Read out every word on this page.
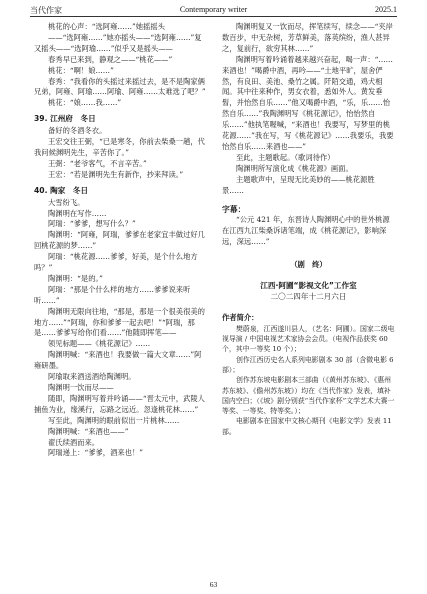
当代作家	Contemporary writer	2025.1

桃花的心声：“选阿雍……”她摇摇头

——“选阿雍……”她亦摇头——“选阿雍……”复又摇头——“选阿瑜……”似乎又是摇头——

春秀早已来到，静观之——“桃花——”

桃花：“啊！娘……”

春秀：“我看你的头摇过来摇过去，是不是陶家俩兄弟，阿雍、阿瑜……阿瑜、阿雍……太难选了吧？”

桃花：“娘……我……”

39. 江州府　冬日

备好的冬酒冬衣。

王宏交往王弼，“已是寒冬，你前去柴桑一趟，代我问候渊明先生，辛苦你了。”

王弼：“老爷客气，不言辛苦。”

王宏：“若是渊明先生有新作，抄来拜读。”

40. 陶家　冬日

大雪纷飞。

陶渊明在写作……

阿瑞：“爹爹，想写什么？”

陶渊明：“阿雍，阿瑞，爹爹在老家宜丰做过好几回桃花源的梦……”

阿瑞：“桃花源……爹爹，好美，是个什么地方吗？”

陶渊明：“是的。”

阿瑞：“那是个什么样的地方……爹爹说来听听……”

陶渊明无限向往地，“那是，那是一个很美很美的地方……”“阿瑞，你和爹爹一起去吧！”“阿瑞，那是……爹爹写给你们看……”他随即挥笔——

领见标题——《桃花源记》……

陶渊明喊：“来酒也！我要做一篇大文章……”阿雍研墨。

阿瑜取来酒送酒给陶渊明。

陶渊明一饮而尽——

随即，陶渊明写着并吟诵——“晋太元中，武陵人捕鱼为业，缘溪行，忘路之远近。忽逢桃花林……”

写至此，陶渊明的眼前似出一片桃林……

陶渊明喊：“来酒也——”

翟氏续酒而来。

阿瑞递上：“爹爹，酒来也！”

陶渊明复又一饮而尽，挥笔续写，续念——“夹岸数百步，中无杂树，芳草鲜美，落英缤纷，渔人甚异之，复前行，欲穷其林……”

陶渊明写着吟诵着越来越兴奋起，喝一声：“……来酒也！”喝爵中酒，再吟——“土地平旷，屋舍俨然，有良田、美池、桑竹之属。阡陌交通，鸡犬相闻。其中往来种作，男女衣着，悉如外人。黄发垂髫，并怡然自乐……”他又喝爵中酒，“乐，乐……怡然自乐……”我陶渊明写《桃花源记》，怡怡然自乐……”他执笔喔喊，“来酒也！我要写，写梦里的桃花源……”我在写，写《桃花源记》……我要乐，我要怡然自乐……来酒也——”

至此，主题歌起。（歌词待作）

陶渊明所写演化成《桃花源》画面。

主题歌声中，呈现无比美妙的——桃花源胜景……

字幕：

“公元 421 年，东晋诗人陶渊明心中的世外桃源在江西九江柴桑诉诸笔端，成《桃花源记》，影响深远，深远……”

（剧　终）

江西·阿圃“影视文化”工作室

二〇二四年十二月六日

作者简介：

樊蔚泉，江西遂川县人，（艺名：阿圃）。国家二级电视导演 / 中国电视艺术家协会会员。（电视作品获奖 60 个，其中一等奖 10 个）；

创作江西历史名人系列电影剧本 30 部（含微电影 6 部）；

创作苏东坡电影剧本三部曲（《黄州苏东坡》、《惠州苏东坡》、《儋州苏东坡》）均在《当代作家》发表，填补国内空白；（《坡》剧分别获“当代作家杯”文学艺术大赛一等奖、一等奖、特等奖。）；

电影剧本在国家中文核心期刊《电影文学》发表 11 部。

63
